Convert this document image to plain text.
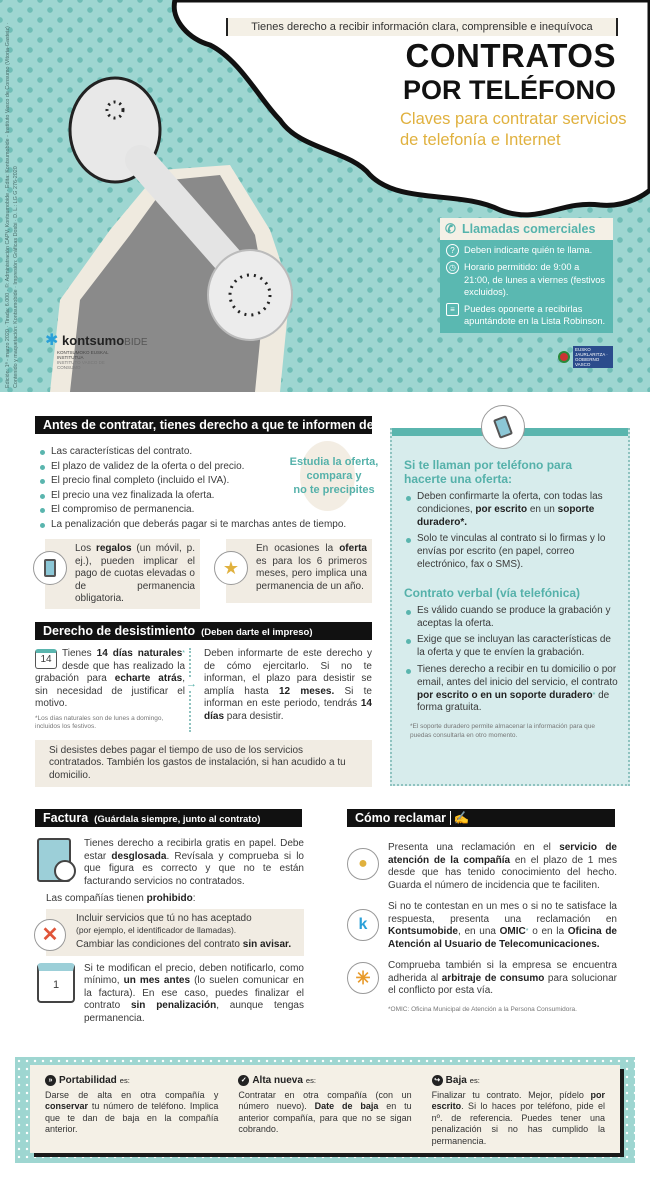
Tienes derecho a recibir información clara, comprensible e inequívoca
CONTRATOS
POR TELÉFONO
Claves para contratar servicios
de telefonía e Internet
Edición: 1ª - marzo 2020 · Tirada: 6.000 · ©: Administración CAPV, Kontsumobide · Edita: Kontsumobide - Instituto Vasco de Consumo (Vitoria-Gasteiz) · Contenido y maquetación: Kontsumobide · Impresión: Gráficas Dosbi · D. L.: LG G 276-2020	✆ Llamadas comerciales
? Deben indicarte quién te llama.
◷ Horario permitido: de 9:00 a 21:00, de lunes a viernes (festivos excluidos).
≡ Puedes oponerte a recibirlas apuntándote en la Lista Robinson.
✱ kontsumoBIDE
KONTSUMOKO EUSKAL INSTITUTUA
INSTITUTO VASCO DE CONSUMO
EUSKO JAURLARITZA · GOBIERNO VASCO
Antes de contratar, tienes derecho a que te informen de:
Las características del contrato.
El plazo de validez de la oferta o del precio.
El precio final completo (incluido el IVA).
El precio una vez finalizada la oferta.
El compromiso de permanencia.
La penalización que deberás pagar si te marchas antes de tiempo.
Estudia la oferta,
compara y
no te precipites
Los regalos (un móvil, p. ej.), pueden implicar el pago de cuotas elevadas o de permanencia obligatoria.
En ocasiones la oferta es para los 6 primeros meses, pero implica una permanencia de un año.
★
Derecho de desistimiento (Deben darte el impreso)
14
Tienes 14 días naturales* desde que has realizado la grabación para echarte atrás, sin necesidad de justificar el motivo.
*Los días naturales son de lunes a domingo, incluidos los festivos.
→
Deben informarte de este derecho y de cómo ejercitarlo. Si no te informan, el plazo para desistir se amplía hasta 12 meses. Si te informan en este periodo, tendrás 14 días para desistir.
Si desistes debes pagar el tiempo de uso de los servicios contratados. También los gastos de instalación, si han acudido a tu domicilio.
Si te llaman por teléfono para hacerte una oferta:
Deben confirmarte la oferta, con todas las condiciones, por escrito en un soporte duradero*.
Solo te vinculas al contrato si lo firmas y lo envías por escrito (en papel, correo electrónico, fax o SMS).
Contrato verbal (vía telefónica)
Es válido cuando se produce la grabación y aceptas la oferta.
Exige que se incluyan las características de la oferta y que te envíen la grabación.
Tienes derecho a recibir en tu domicilio o por email, antes del inicio del servicio, el contrato por escrito o en un soporte duradero* de forma gratuita.
*El soporte duradero permite almacenar la información para que puedas consultarla en otro momento.
Factura (Guárdala siempre, junto al contrato)
Tienes derecho a recibirla gratis en papel. Debe estar desglosada. Revísala y comprueba si lo que figura es correcto y que no te están facturando servicios no contratados.
Las compañías tienen prohibido:
Incluir servicios que tú no has aceptado
(por ejemplo, el identificador de llamadas).
Cambiar las condiciones del contrato sin avisar.
✕
1
Si te modifican el precio, deben notificarlo, como mínimo, un mes antes (lo suelen comunicar en la factura). En ese caso, puedes finalizar el contrato sin penalización, aunque tengas permanencia.
Cómo reclamar ✍
●
Presenta una reclamación en el servicio de atención de la compañía en el plazo de 1 mes desde que has tenido conocimiento del hecho. Guarda el número de incidencia que te faciliten.
k
Si no te contestan en un mes o si no te satisface la respuesta, presenta una reclamación en Kontsumobide, en una OMIC* o en la Oficina de Atención al Usuario de Telecomunicaciones.
✳
Comprueba también si la empresa se encuentra adherida al arbitraje de consumo para solucionar el conflicto por esta vía.
*OMIC: Oficina Municipal de Atención a la Persona Consumidora.
» Portabilidad es:
Darse de alta en otra compañía y conservar tu número de teléfono. Implica que te dan de baja en la compañía anterior.
✓ Alta nueva es:
Contratar en otra compañía (con un número nuevo). Date de baja en tu anterior compañía, para que no se sigan cobrando.
↪ Baja es:
Finalizar tu contrato. Mejor, pídelo por escrito. Si lo haces por teléfono, pide el nº. de referencia. Puedes tener una penalización si no has cumplido la permanencia.
